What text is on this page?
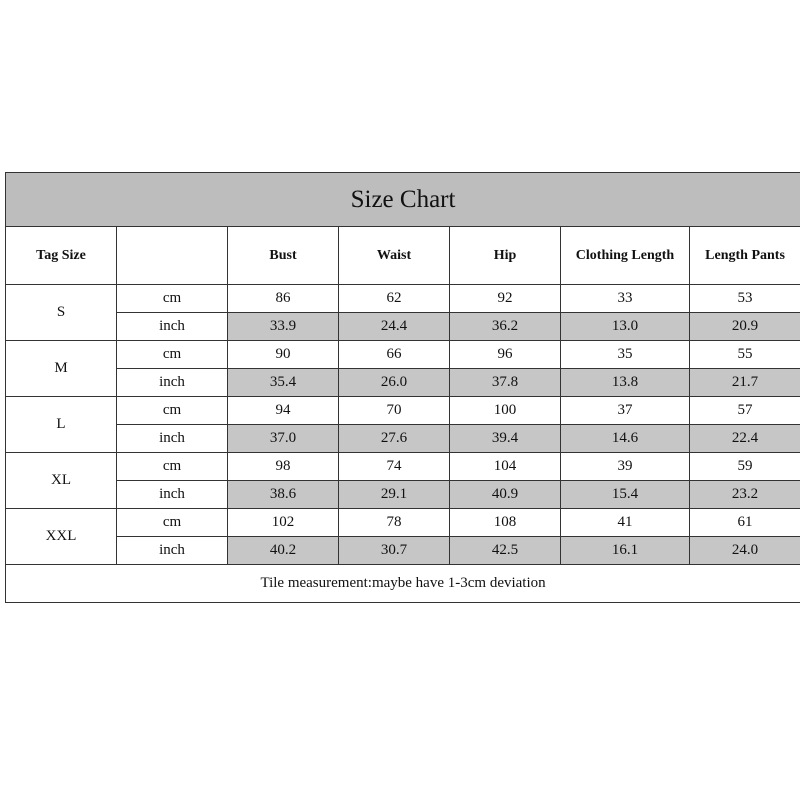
Size Chart						
Tag Size		Bust	Waist	Hip	Clothing Length	Length Pants
S	cm	86	62	92	33	53
	inch	33.9	24.4	36.2	13.0	20.9
M	cm	90	66	96	35	55
	inch	35.4	26.0	37.8	13.8	21.7
L	cm	94	70	100	37	57
	inch	37.0	27.6	39.4	14.6	22.4
XL	cm	98	74	104	39	59
	inch	38.6	29.1	40.9	15.4	23.2
XXL	cm	102	78	108	41	61
	inch	40.2	30.7	42.5	16.1	24.0
Tile measurement:maybe have 1-3cm deviation						
